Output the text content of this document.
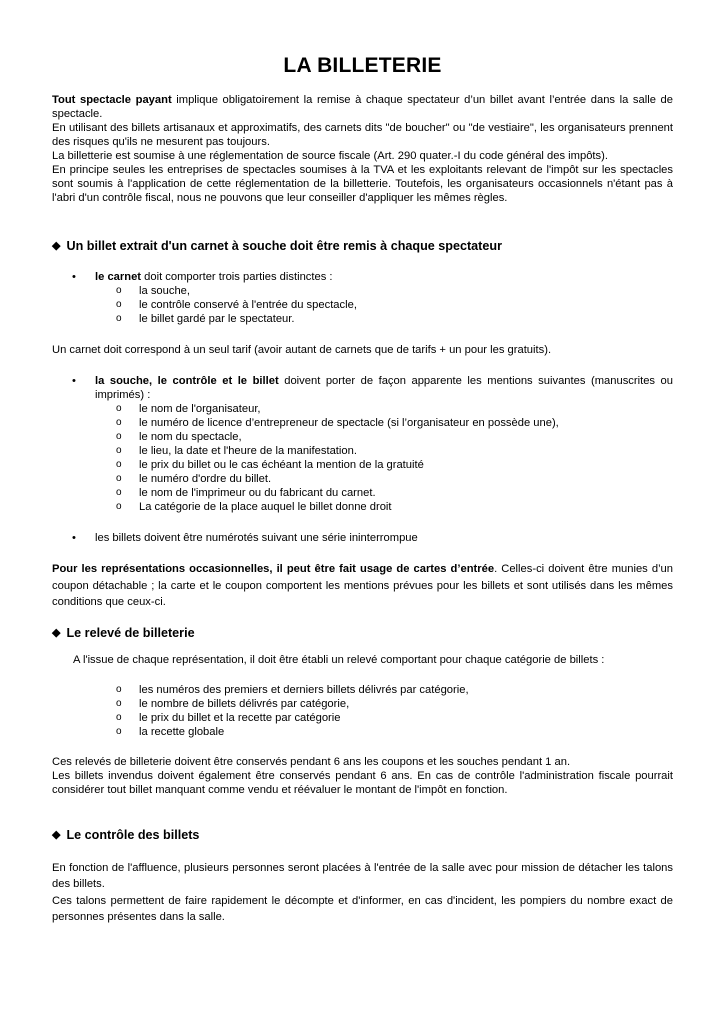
LA BILLETERIE

Tout spectacle payant implique obligatoirement la remise à chaque spectateur d’un billet avant l’entrée dans la salle de spectacle.

En utilisant des billets artisanaux et approximatifs, des carnets dits "de boucher" ou "de vestiaire", les organisateurs prennent des risques qu'ils ne mesurent pas toujours.

La billetterie est soumise à une réglementation de source fiscale (Art. 290 quater.-I du code général des impôts).

En principe seules les entreprises de spectacles soumises à la TVA et les exploitants relevant de l'impôt sur les spectacles sont soumis à l'application de cette réglementation de la billetterie. Toutefois, les organisateurs occasionnels n'étant pas à l'abri d'un contrôle fiscal, nous ne pouvons que leur conseiller d'appliquer les mêmes règles.

◆ Un billet extrait d'un carnet à souche doit être remis à chaque spectateur

• le carnet doit comporter trois parties distinctes :

o la souche,
o le contrôle conservé à l'entrée du spectacle,
o le billet gardé par le spectateur.

Un carnet doit correspond à un seul tarif (avoir autant de carnets que de tarifs + un pour les gratuits).

• la souche, le contrôle et le billet doivent porter de façon apparente les mentions suivantes (manuscrites ou imprimés) :

o le nom de l'organisateur,
o le numéro de licence d’entrepreneur de spectacle (si l’organisateur en possède une),
o le nom du spectacle,
o le lieu, la date et l'heure de la manifestation.
o le prix du billet ou le cas échéant la mention de la gratuité
o le numéro d'ordre du billet.
o le nom de l'imprimeur ou du fabricant du carnet.
o La catégorie de la place auquel le billet donne droit

• les billets doivent être numérotés suivant une série ininterrompue

Pour les représentations occasionnelles, il peut être fait usage de cartes d’entrée. Celles-ci doivent être munies d’un coupon détachable ; la carte et le coupon comportent les mentions prévues pour les billets et sont utilisés dans les mêmes conditions que ceux-ci.

◆ Le relevé de billeterie

A l'issue de chaque représentation, il doit être établi un relevé comportant pour chaque catégorie de billets :

o les numéros des premiers et derniers billets délivrés par catégorie,
o le nombre de billets délivrés par catégorie,
o le prix du billet et la recette par catégorie
o la recette globale

Ces relevés de billeterie doivent être conservés pendant 6 ans les coupons et les souches pendant 1 an.

Les billets invendus doivent également être conservés pendant 6 ans. En cas de contrôle l'administration fiscale pourrait considérer tout billet manquant comme vendu et réévaluer le montant de l'impôt en fonction.

◆ Le contrôle des billets

En fonction de l'affluence, plusieurs personnes seront placées à l'entrée de la salle avec pour mission de détacher les talons des billets.

Ces talons permettent de faire rapidement le décompte et d'informer, en cas d'incident, les pompiers du nombre exact de personnes présentes dans la salle.
